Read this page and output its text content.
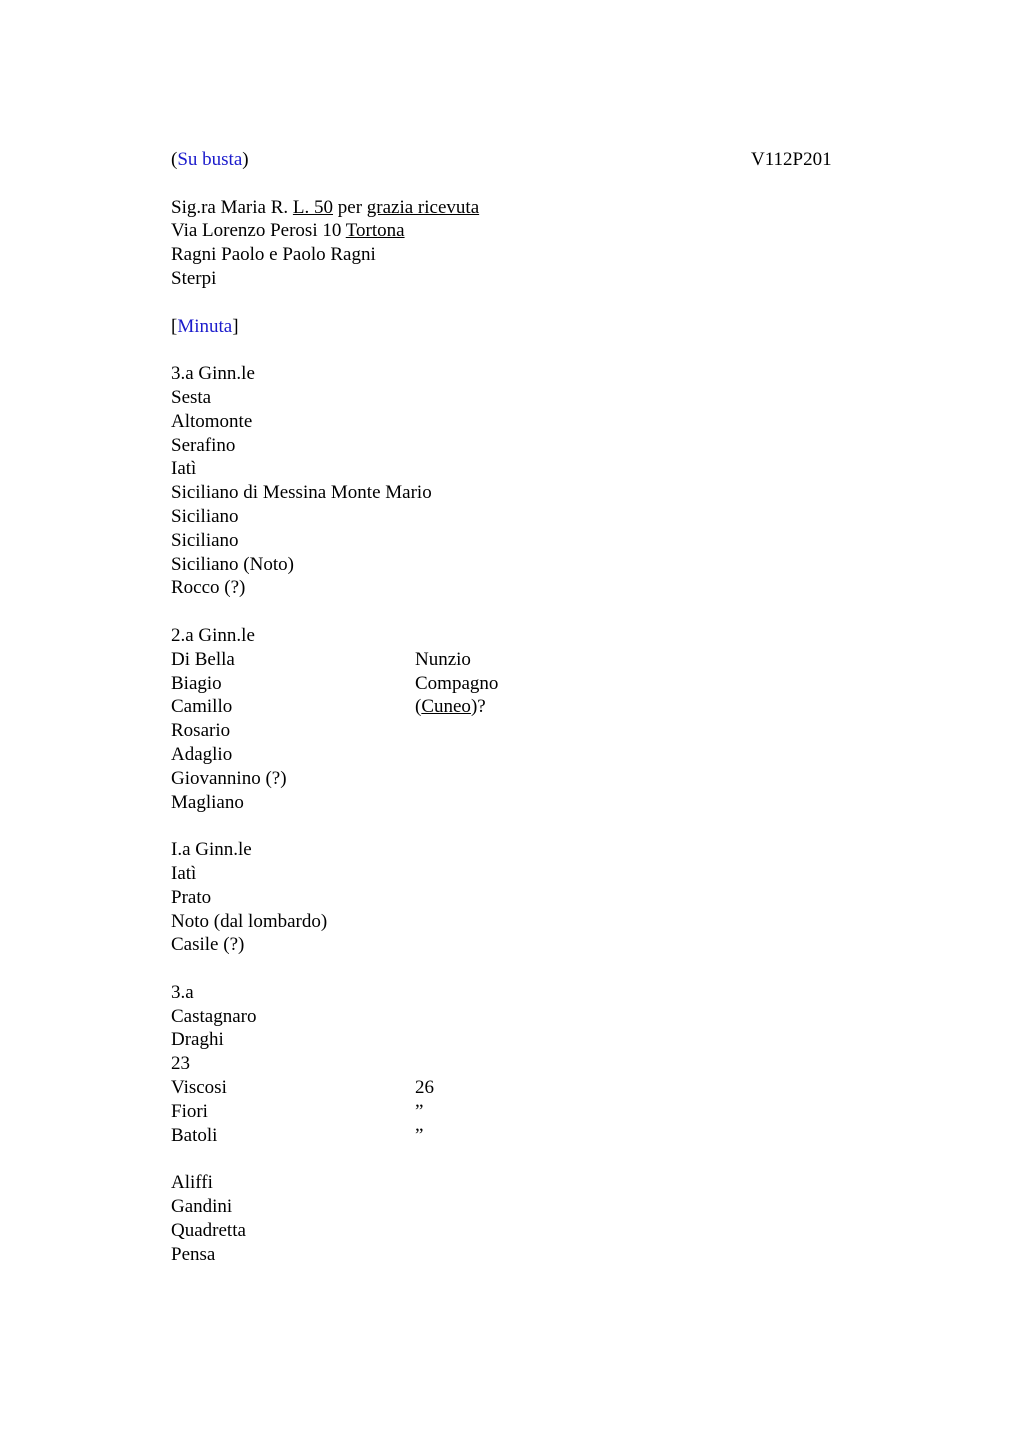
V112P201
(Su busta)
Sig.ra Maria R. L. 50 per grazia ricevuta
Via Lorenzo Perosi 10 Tortona
Ragni Paolo e Paolo Ragni
Sterpi
[Minuta]
3.a Ginn.le
Sesta
Altomonte
Serafino
Iatì
Siciliano di Messina Monte Mario
Siciliano
Siciliano
Siciliano (Noto)
Rocco (?)
2.a Ginn.le
Di Bella	Nunzio
Biagio	Compagno
Camillo	(Cuneo)?
Rosario
Adaglio
Giovannino (?)
Magliano
I.a Ginn.le
Iatì
Prato
Noto (dal lombardo)
Casile (?)
3.a
Castagnaro
Draghi
23
Viscosi	26
Fiori	”
Batoli	”
Aliffi
Gandini
Quadretta
Pensa
